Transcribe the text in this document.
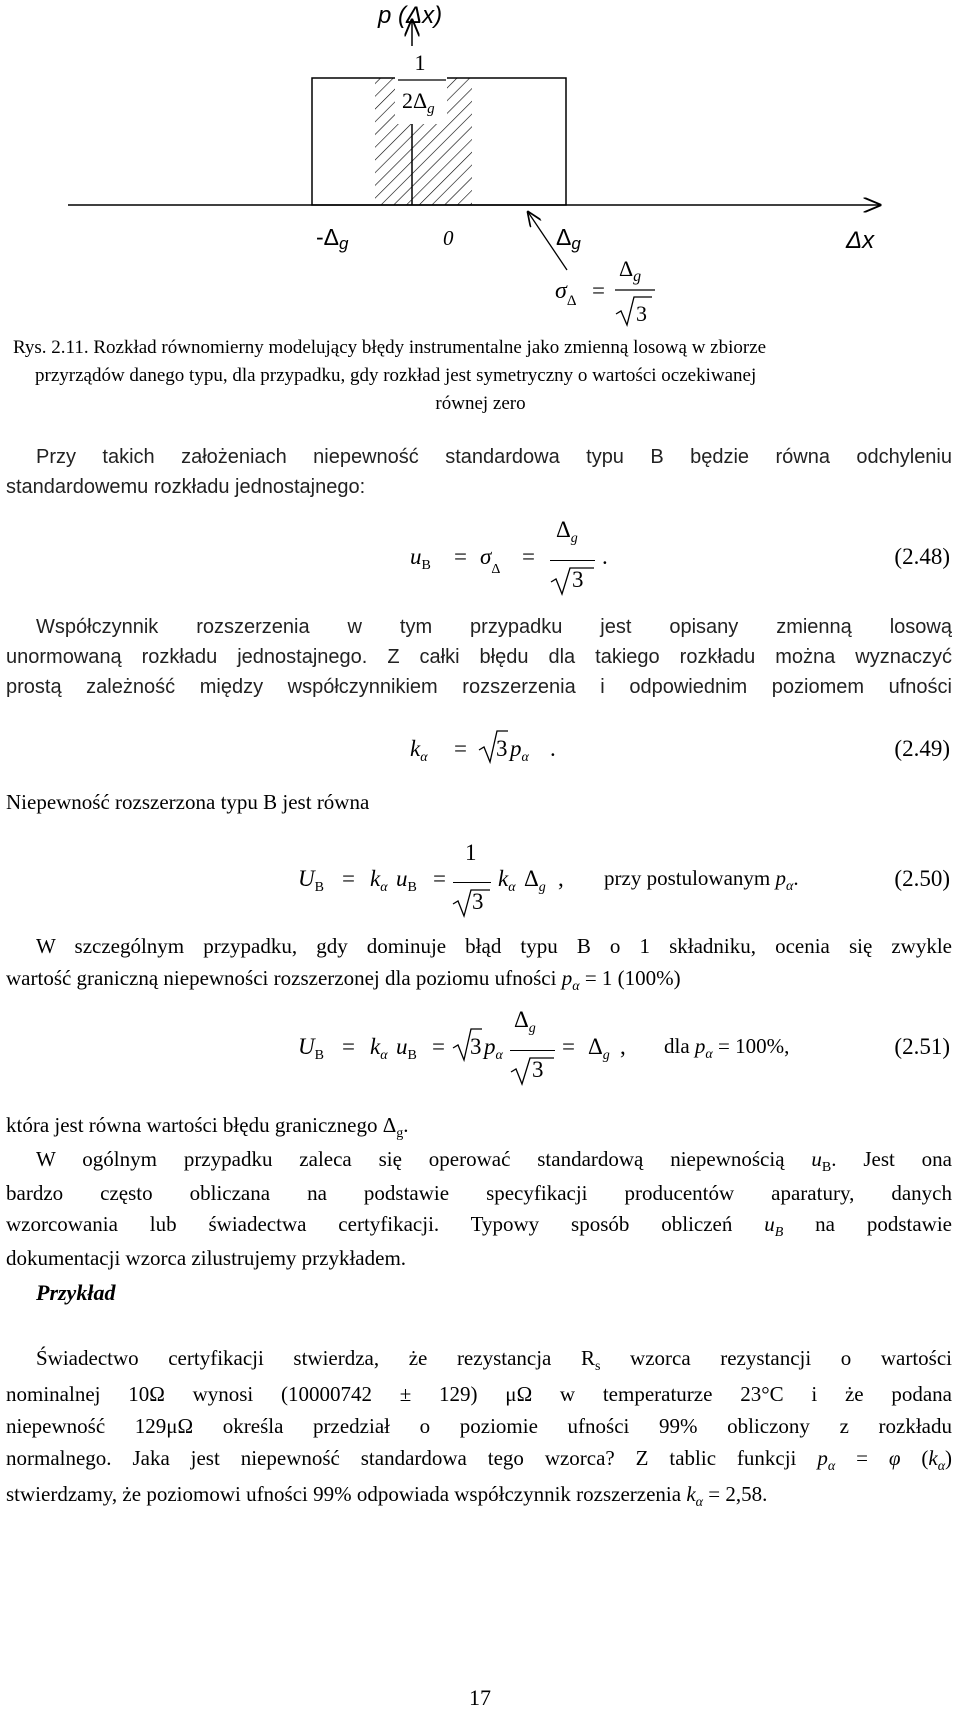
1
$2\Delta_g$
p (Δx)
-Δg	0	Δg	Δx
$\sigma_\Delta$ =
$\Delta_g$
3
Rys. 2.11. Rozkład równomierny modelujący błędy instrumentalne jako zmienną losową w zbiorze
przyrządów danego typu, dla przypadku, gdy rozkład jest symetryczny o wartości oczekiwanej
równej zero
Przy takich założeniach niepewność standardowa typu B będzie równa odchyleniu
standardowemu rozkładu jednostajnego:
$u_B = \sigma_\Delta$
=
$\Delta_g$
3
.	(2.48)
Współczynnik rozszerzenia w tym przypadku jest opisany zmienną losową
unormowaną rozkładu jednostajnego. Z całki błędu dla takiego rozkładu można wyznaczyć
prostą zależność między współczynnikiem rozszerzenia i odpowiednim poziomem ufności
$k_\alpha = 3$ $p_\alpha$ .	(2.49)
Niepewność rozszerzona typu B jest równa
$U_B = k_\alpha$ $u_B$ =
1
3
$k_\alpha$ $\Delta_g$ , przy postulowanym $p_\alpha$.	(2.50)
W szczególnym przypadku, gdy dominuje błąd typu B o 1 składniku, ocenia się zwykle
wartość graniczną niepewności rozszerzonej dla poziomu ufności $p_\alpha = 1$ (100%)
$U_B = k_\alpha$ $u_B = 3$ $p_\alpha$
$\Delta_g$
3
= $\Delta_g$ , dla $p_\alpha = 100\%$,	(2.51)
która jest równa wartości błędu granicznego $\Delta_g$.
W ogólnym przypadku zaleca się operować standardową niepewnością $u_B$. Jest ona
bardzo często obliczana na podstawie specyfikacji producentów aparatury, danych
wzorcowania lub świadectwa certyfikacji. Typowy sposób obliczeń $u_B$ na podstawie
dokumentacji wzorca zilustrujemy przykładem.
Przykład
Świadectwo certyfikacji stwierdza, że rezystancja $R_s$ wzorca rezystancji o wartości
nominalnej 10Ω wynosi (10000742 ± 129) μΩ w temperaturze 23°C i że podana
niepewność 129μΩ określa przedział o poziomie ufności 99% obliczony z rozkładu
normalnego. Jaka jest niepewność standardowa tego wzorca? Z tablic funkcji $p_\alpha = \varphi$ $(k_\alpha)$
stwierdzamy, że poziomowi ufności 99% odpowiada współczynnik rozszerzenia $k_\alpha = 2,58$.
17
